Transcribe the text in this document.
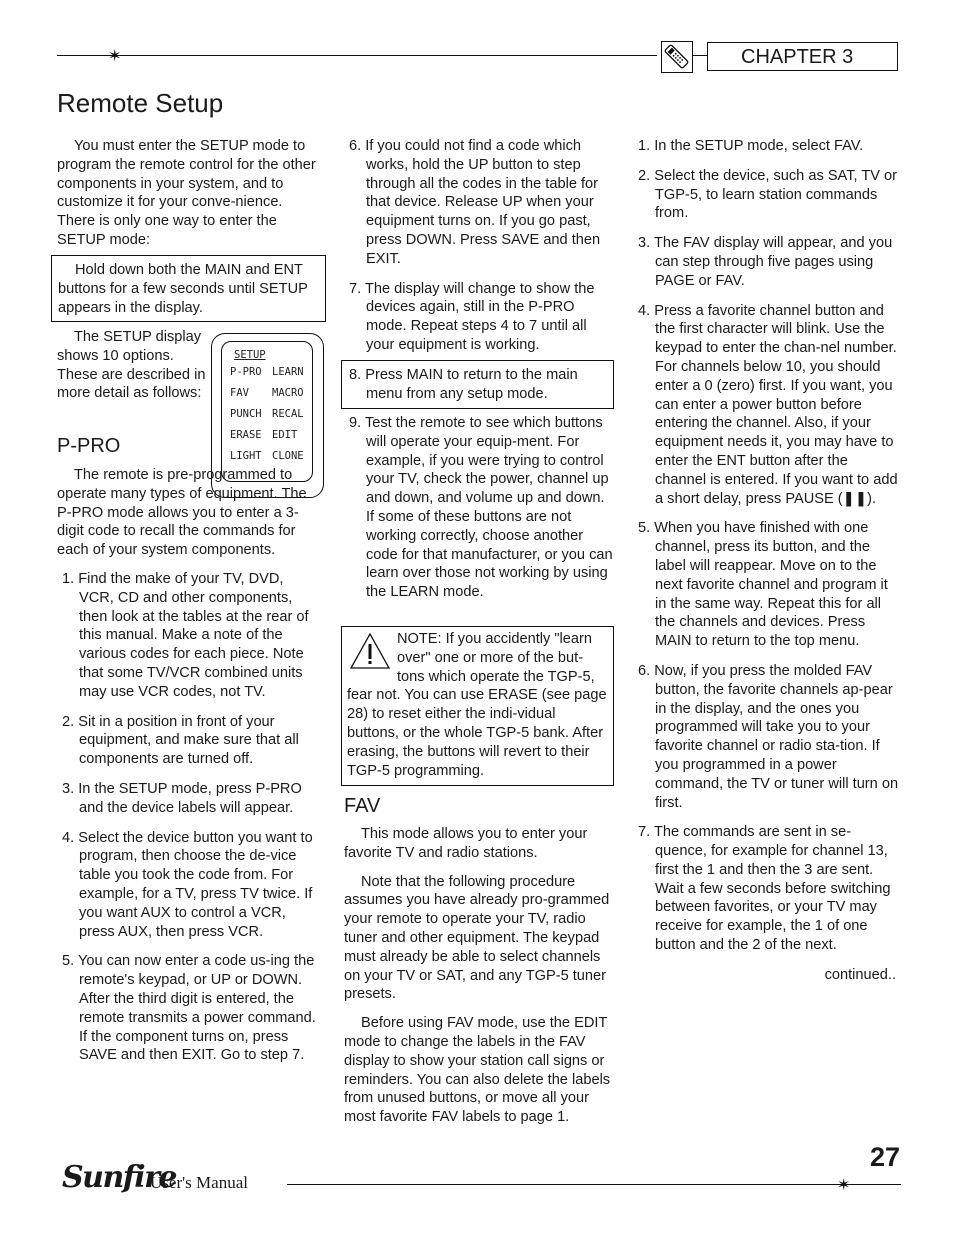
✶	CHAPTER 3
Remote Setup

You must enter the SETUP mode to program the remote control for the other components in your system, and to customize it for your conve-nience. There is only one way to enter the SETUP mode:

Hold down both the MAIN and ENT buttons for a few seconds until SETUP appears in the display.

The SETUP display shows 10 options. These are described in more detail as follows:

SETUP
P-PRO LEARN
FAV MACRO
PUNCH RECAL
ERASE EDIT
LIGHT CLONE
P-PRO

The remote is pre-programmed to operate many types of equipment. The P-PRO mode allows you to enter a 3-digit code to recall the commands for each of your system components.

1. Find the make of your TV, DVD, VCR, CD and other components, then look at the tables at the rear of this manual. Make a note of the various codes for each piece. Note that some TV/VCR combined units may use VCR codes, not TV.

2. Sit in a position in front of your equipment, and make sure that all components are turned off.

3. In the SETUP mode, press P-PRO and the device labels will appear.

4. Select the device button you want to program, then choose the de-vice table you took the code from. For example, for a TV, press TV twice. If you want AUX to control a VCR, press AUX, then press VCR.

5. You can now enter a code us-ing the remote's keypad, or UP or DOWN. After the third digit is entered, the remote transmits a power command. If the component turns on, press SAVE and then EXIT. Go to step 7.

6. If you could not find a code which works, hold the UP button to step through all the codes in the table for that device. Release UP when your equipment turns on. If you go past, press DOWN. Press SAVE and then EXIT.

7. The display will change to show the devices again, still in the P-PRO mode. Repeat steps 4 to 7 until all your equipment is working.

8. Press MAIN to return to the main menu from any setup mode.

9. Test the remote to see which buttons will operate your equip-ment. For example, if you were trying to control your TV, check the power, channel up and down, and volume up and down. If some of these buttons are not working correctly, choose another code for that manufacturer, or you can learn over those not working by using the LEARN mode.

NOTE: If you accidently "learn over" one or more of the but-tons which operate the TGP-5, fear not. You can use ERASE (see page 28) to reset either the indi-vidual buttons, or the whole TGP-5 bank. After erasing, the buttons will revert to their TGP-5 programming.

FAV

This mode allows you to enter your favorite TV and radio stations.

Note that the following procedure assumes you have already pro-grammed your remote to operate your TV, radio tuner and other equipment. The keypad must already be able to select channels on your TV or SAT, and any TGP-5 tuner presets.

Before using FAV mode, use the EDIT mode to change the labels in the FAV display to show your station call signs or reminders. You can also delete the labels from unused buttons, or move all your most favorite FAV labels to page 1.

1. In the SETUP mode, select FAV.

2. Select the device, such as SAT, TV or TGP-5, to learn station commands from.

3. The FAV display will appear, and you can step through five pages using PAGE or FAV.

4. Press a favorite channel button and the first character will blink. Use the keypad to enter the chan-nel number. For channels below 10, you should enter a 0 (zero) first. If you want, you can enter a power button before entering the channel. Also, if your equipment needs it, you may have to enter the ENT button after the channel is entered. If you want to add a short delay, press PAUSE (❚❚).

5. When you have finished with one channel, press its button, and the label will reappear. Move on to the next favorite channel and program it in the same way. Repeat this for all the channels and devices. Press MAIN to return to the top menu.

6. Now, if you press the molded FAV button, the favorite channels ap-pear in the display, and the ones you programmed will take you to your favorite channel or radio sta-tion. If you programmed in a power command, the TV or tuner will turn on first.

7. The commands are sent in se-quence, for example for channel 13, first the 1 and then the 3 are sent. Wait a few seconds before switching between favorites, or your TV may receive for example, the 1 of one button and the 2 of the next.

continued..

27
Sunfire
User's Manual	✶
